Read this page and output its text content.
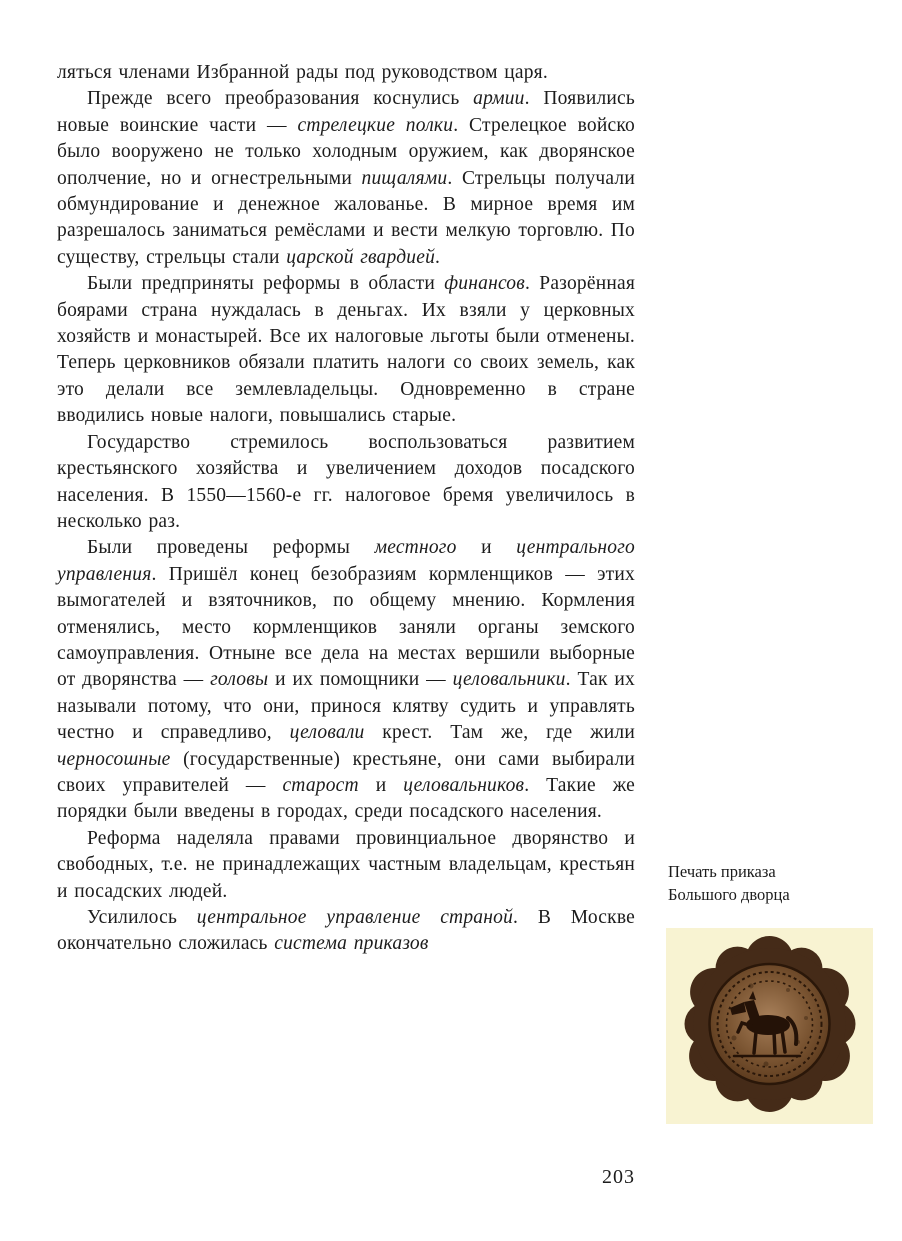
ляться членами Избранной рады под руководством царя.

Прежде всего преобразования коснулись армии. Появились новые воинские части — стрелецкие полки. Стрелецкое войско было вооружено не только холодным оружием, как дворянское ополчение, но и огнестрельными пищалями. Стрельцы получали обмундирование и денежное жалованье. В мирное время им разрешалось заниматься ремёслами и вести мелкую торговлю. По существу, стрельцы стали царской гвардией.

Были предприняты реформы в области финансов. Разорённая боярами страна нуждалась в деньгах. Их взяли у церковных хозяйств и монастырей. Все их налоговые льготы были отменены. Теперь церковников обязали платить налоги со своих земель, как это делали все землевладельцы. Одновременно в стране вводились новые налоги, повышались старые.

Государство стремилось воспользоваться развитием крестьянского хозяйства и увеличением доходов посадского населения. В 1550—1560-е гг. налоговое бремя увеличилось в несколько раз.

Были проведены реформы местного и центрального управления. Пришёл конец безобразиям кормленщиков — этих вымогателей и взяточников, по общему мнению. Кормления отменялись, место кормленщиков заняли органы земского самоуправления. Отныне все дела на местах вершили выборные от дворянства — головы и их помощники — целовальники. Так их называли потому, что они, принося клятву судить и управлять честно и справедливо, целовали крест. Там же, где жили черносошные (государственные) крестьяне, они сами выбирали своих управителей — старост и целовальников. Такие же порядки были введены в городах, среди посадского населения.

Реформа наделяла правами провинциальное дворянство и свободных, т.е. не принадлежащих частным владельцам, крестьян и посадских людей.

Усилилось центральное управление страной. В Москве окончательно сложилась система приказов

Печать приказа
Большого дворца
203
